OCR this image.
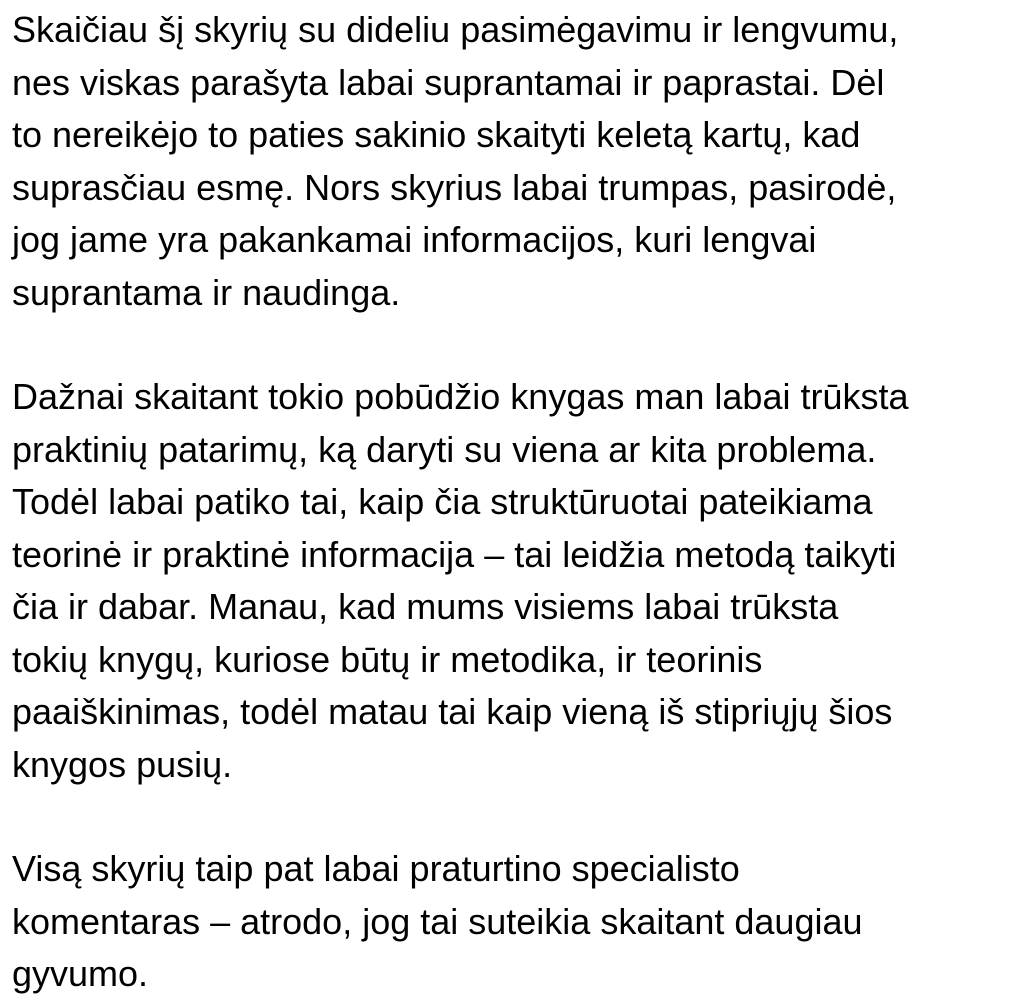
Skaičiau šį skyrių su dideliu pasimėgavimu ir lengvumu,
nes viskas parašyta labai suprantamai ir paprastai. Dėl
to nereikėjo to paties sakinio skaityti keletą kartų, kad
suprasčiau esmę. Nors skyrius labai trumpas, pasirodė,
jog jame yra pakankamai informacijos, kuri lengvai
suprantama ir naudinga.

Dažnai skaitant tokio pobūdžio knygas man labai trūksta
praktinių patarimų, ką daryti su viena ar kita problema.
Todėl labai patiko tai, kaip čia struktūruotai pateikiama
teorinė ir praktinė informacija – tai leidžia metodą taikyti
čia ir dabar. Manau, kad mums visiems labai trūksta
tokių knygų, kuriose būtų ir metodika, ir teorinis
paaiškinimas, todėl matau tai kaip vieną iš stipriųjų šios
knygos pusių.

Visą skyrių taip pat labai praturtino specialisto
komentaras – atrodo, jog tai suteikia skaitant daugiau
gyvumo.
